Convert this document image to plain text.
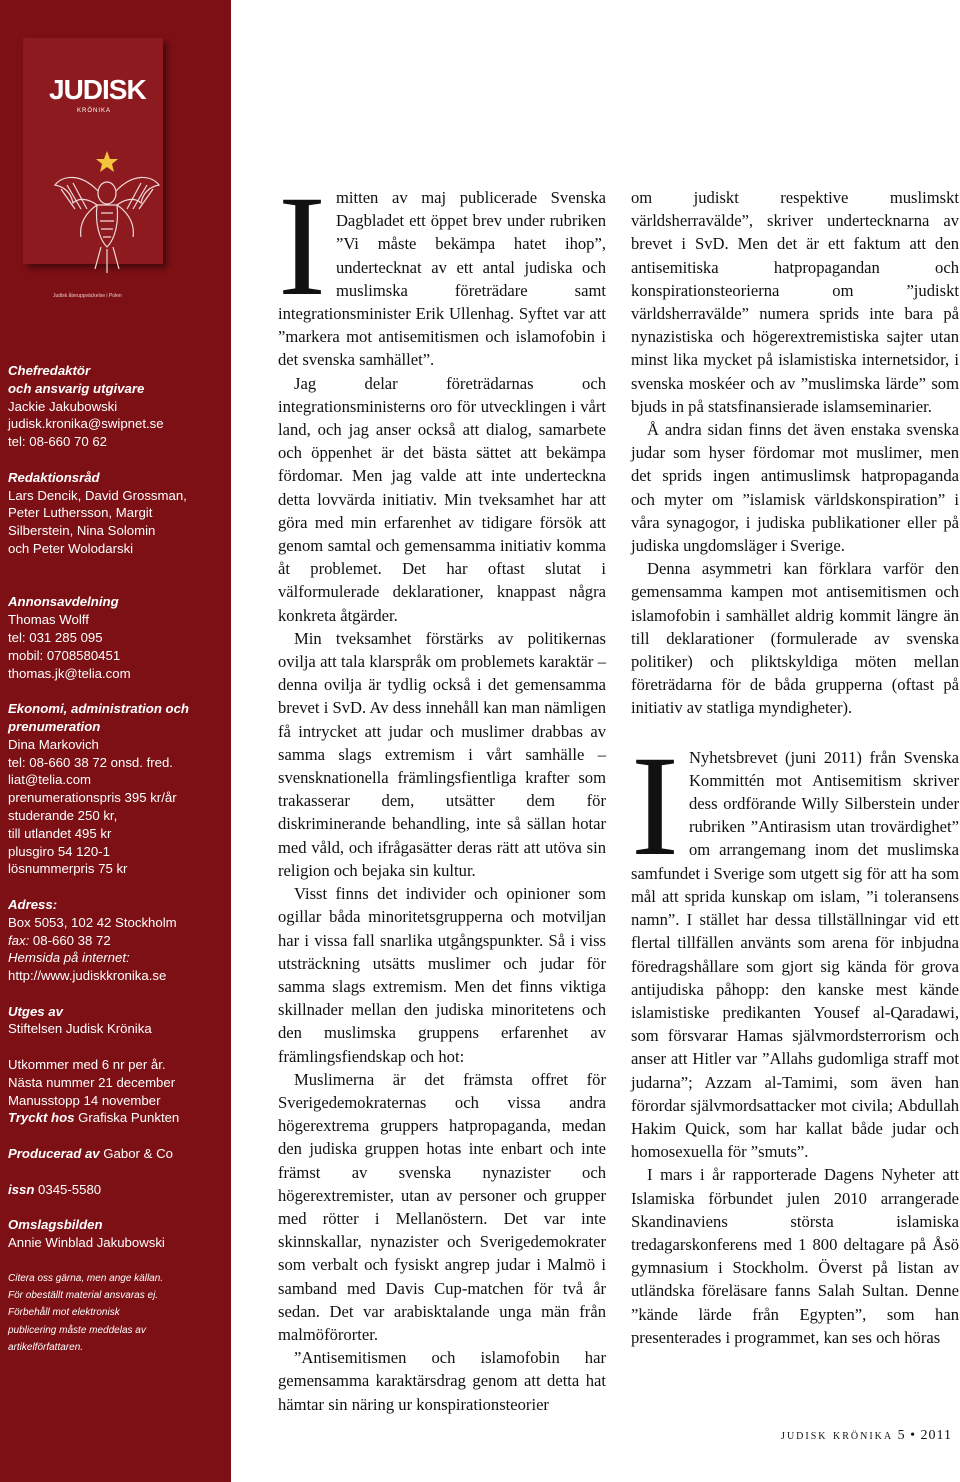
JUDISK
KRÖNIKA
Judisk återuppväckelse i Polen

Chefredaktör

och ansvarig utgivare

Jackie Jakubowski

judisk.kronika@swipnet.se

tel: 08-660 70 62

Redaktionsråd

Lars Dencik, David Grossman,

Peter Luthersson, Margit

Silberstein, Nina Solomin

och Peter Wolodarski

Annonsavdelning

Thomas Wolff

tel: 031 285 095

mobil: 0708580451

thomas.jk@telia.com

Ekonomi, administration och

prenumeration

Dina Markovich

tel: 08-660 38 72 onsd. fred.

liat@telia.com

prenumerationspris 395 kr/år

studerande 250 kr,

till utlandet 495 kr

plusgiro 54 120-1

lösnummerpris 75 kr

Adress:

Box 5053, 102 42 Stockholm

fax: 08-660 38 72

Hemsida på internet:

http://www.judiskkronika.se

Utges av

Stiftelsen Judisk Krönika

Utkommer med 6 nr per år.

Nästa nummer 21 december

Manusstopp 14 november

Tryckt hos Grafiska Punkten

Producerad av Gabor & Co

issn 0345-5580

Omslagsbilden

Annie Winblad Jakubowski

Citera oss gärna, men ange källan.

För obeställt material ansvaras ej.

Förbehåll mot elektronisk

publicering måste meddelas av

artikelförfattaren.

I mitten av maj publicerade Svenska Dagbladet ett öppet brev under rubriken ”Vi måste bekämpa hatet ihop”, undertecknat av ett antal judiska och muslimska företrädare samt integrationsminister Erik Ullenhag. Syftet var att ”markera mot antisemitismen och islamofobin i det svenska samhället”.

Jag delar företrädarnas och integrationsministerns oro för utvecklingen i vårt land, och jag anser också att dialog, samarbete och öppenhet är det bästa sättet att bekämpa fördomar. Men jag valde att inte underteckna detta lovvärda initiativ. Min tveksamhet har att göra med min erfarenhet av tidigare försök att genom samtal och gemensamma initiativ komma åt problemet. Det har oftast slutat i välformulerade deklarationer, knappast några konkreta åtgärder.

Min tveksamhet förstärks av politikernas ovilja att tala klarspråk om problemets karaktär – denna ovilja är tydlig också i det gemensamma brevet i SvD. Av dess innehåll kan man nämligen få intrycket att judar och muslimer drabbas av samma slags extremism i vårt samhälle – svensknationella främlingsfientliga krafter som trakasserar dem, utsätter dem för diskriminerande behandling, inte så sällan hotar med våld, och ifrågasätter deras rätt att utöva sin religion och bejaka sin kultur.

Visst finns det individer och opinioner som ogillar båda minoritetsgrupperna och motviljan har i vissa fall snarlika utgångspunkter. Så i viss utsträckning utsätts muslimer och judar för samma slags extremism. Men det finns viktiga skillnader mellan den judiska minoritetens och den muslimska gruppens erfarenhet av främlingsfiendskap och hot:

Muslimerna är det främsta offret för Sverigedemokraternas och vissa andra högerextrema gruppers hatpropaganda, medan den judiska gruppen hotas inte enbart och inte främst av svenska nynazister och högerextremister, utan av personer och grupper med rötter i Mellanöstern. Det var inte skinnskallar, nynazister och Sverigedemokrater som verbalt och fysiskt angrep judar i Malmö i samband med Davis Cup-matchen för två år sedan. Det var arabisktalande unga män från malmöförorter.

”Antisemitismen och islamofobin har gemensamma karaktärsdrag genom att detta hat hämtar sin näring ur konspirationsteorier

om judiskt respektive muslimskt världsherravälde”, skriver undertecknarna av brevet i SvD. Men det är ett faktum att den antisemitiska hatpropagandan och konspirationsteorierna om ”judiskt världsherravälde” numera sprids inte bara på nynazistiska och högerextremistiska sajter utan minst lika mycket på islamistiska internetsidor, i svenska moskéer och av ”muslimska lärde” som bjuds in på statsfinansierade islamseminarier.

Å andra sidan finns det även enstaka svenska judar som hyser fördomar mot muslimer, men det sprids ingen antimuslimsk hatpropaganda och myter om ”islamisk världskonspiration” i våra synagogor, i judiska publikationer eller på judiska ungdomsläger i Sverige.

Denna asymmetri kan förklara varför den gemensamma kampen mot antisemitismen och islamofobin i samhället aldrig kommit längre än till deklarationer (formulerade av svenska politiker) och pliktskyldiga möten mellan företrädarna för de båda grupperna (oftast på initiativ av statliga myndigheter).

I Nyhetsbrevet (juni 2011) från Svenska Kommittén mot Antisemitism skriver dess ordförande Willy Silberstein under rubriken ”Antirasism utan trovärdighet” om arrangemang inom det muslimska samfundet i Sverige som utgett sig för att ha som mål att sprida kunskap om islam, ”i toleransens namn”. I stället har dessa tillställningar vid ett flertal tillfällen använts som arena för inbjudna föredragshållare som gjort sig kända för grova antijudiska påhopp: den kanske mest kände islamistiske predikanten Yousef al-Qaradawi, som försvarar Hamas självmordsterrorism och anser att Hitler var ”Allahs gudomliga straff mot judarna”; Azzam al-Tamimi, som även han förordar självmordsattacker mot civila; Abdullah Hakim Quick, som har kallat både judar och homosexuella för ”smuts”.

I mars i år rapporterade Dagens Nyheter att Islamiska förbundet julen 2010 arrangerade Skandinaviens största islamiska tredagarskonferens med 1 800 deltagare på Åsö gymnasium i Stockholm. Överst på listan av utländska föreläsare fanns Salah Sultan. Denne ”kände lärde från Egypten”, som han presenterades i programmet, kan ses och höras

judisk krönika 5 • 2011
